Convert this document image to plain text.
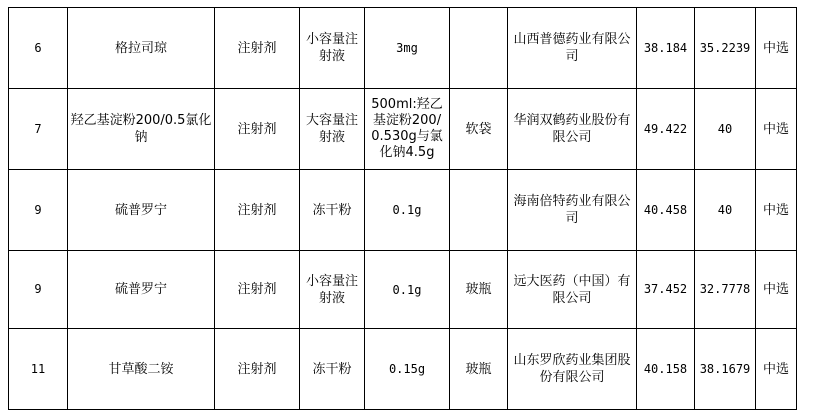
6	格拉司琼	注射剂	小容量注射液	3mg		山西普德药业有限公司	38.184	35.2239	中选
7	羟乙基淀粉200/0.5氯化钠	注射剂	大容量注射液	500ml:羟乙基淀粉200/0.530g与氯化钠4.5g	软袋	华润双鹤药业股份有限公司	49.422	40	中选
9	硫普罗宁	注射剂	冻干粉	0.1g		海南倍特药业有限公司	40.458	40	中选
9	硫普罗宁	注射剂	小容量注射液	0.1g	玻瓶	远大医药（中国）有限公司	37.452	32.7778	中选
11	甘草酸二铵	注射剂	冻干粉	0.15g	玻瓶	山东罗欣药业集团股份有限公司	40.158	38.1679	中选
